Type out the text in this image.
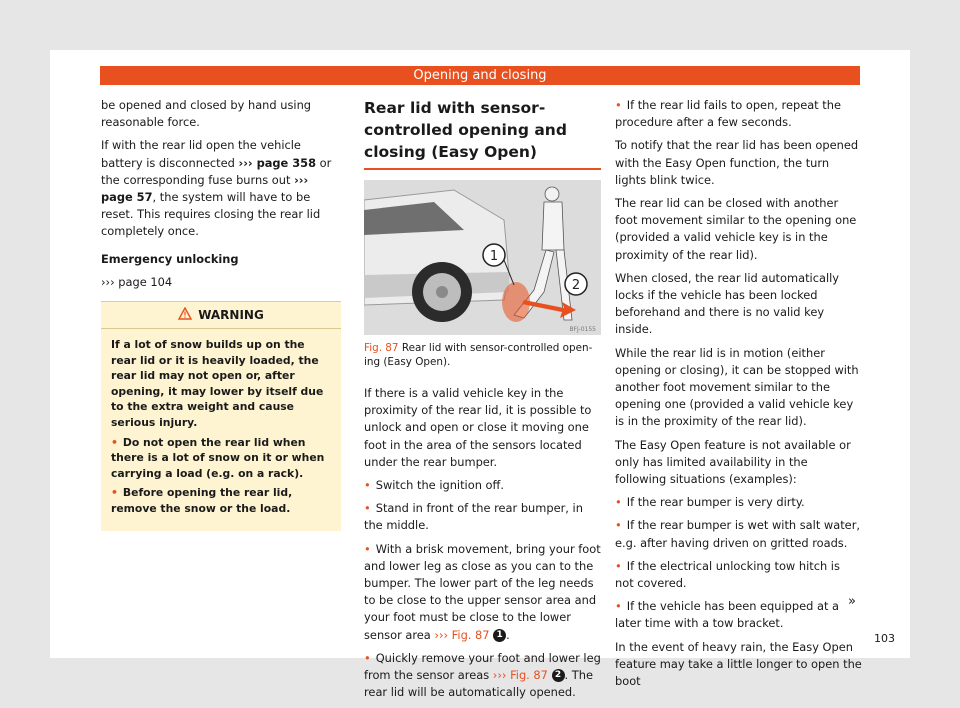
Opening and closing

be opened and closed by hand using reasonable force.

If with the rear lid open the vehicle battery is disconnected ››› page 358 or the corresponding fuse burns out ››› page 57, the system will have to be reset. This requires closing the rear lid completely once.

Emergency unlocking

››› page 104

WARNING

If a lot of snow builds up on the rear lid or it is heavily loaded, the rear lid may not open or, after opening, it may lower by itself due to the extra weight and cause serious injury.

• Do not open the rear lid when there is a lot of snow on it or when carrying a load (e.g. on a rack).

• Before opening the rear lid, remove the snow or the load.

Rear lid with sensor-controlled opening and closing (Easy Open)
1
2
BFJ-0155
Fig. 87 Rear lid with sensor-controlled opening (Easy Open).

If there is a valid vehicle key in the proximity of the rear lid, it is possible to unlock and open or close it moving one foot in the area of the sensors located under the rear bumper.

• Switch the ignition off.

• Stand in front of the rear bumper, in the middle.

• With a brisk movement, bring your foot and lower leg as close as you can to the bumper. The lower part of the leg needs to be close to the upper sensor area and your foot must be close to the lower sensor area ››› Fig. 87 1 .

• Quickly remove your foot and lower leg from the sensor areas ››› Fig. 87 2 . The rear lid will be automatically opened.

• If the rear lid fails to open, repeat the procedure after a few seconds.

To notify that the rear lid has been opened with the Easy Open function, the turn lights blink twice.

The rear lid can be closed with another foot movement similar to the opening one (provided a valid vehicle key is in the proximity of the rear lid).

When closed, the rear lid automatically locks if the vehicle has been locked beforehand and there is no valid key inside.

While the rear lid is in motion (either opening or closing), it can be stopped with another foot movement similar to the opening one (provided a valid vehicle key is in the proximity of the rear lid).

The Easy Open feature is not available or only has limited availability in the following situations (examples):

• If the rear bumper is very dirty.

• If the rear bumper is wet with salt water, e.g. after having driven on gritted roads.

• If the electrical unlocking tow hitch is not covered.

• If the vehicle has been equipped at a later time with a tow bracket.

In the event of heavy rain, the Easy Open feature may take a little longer to open the boot

»
103
